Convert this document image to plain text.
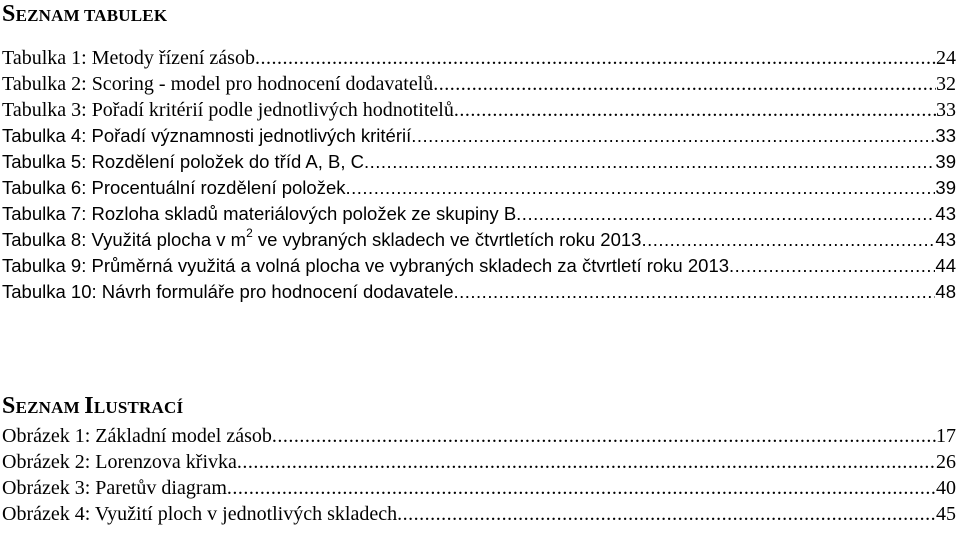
SEZNAM TABULEK
Tabulka 1: Metody řízení zásob .....	24
Tabulka 2: Scoring - model pro hodnocení dodavatelů .....	32
Tabulka 3: Pořadí kritérií podle jednotlivých hodnotitelů .....	33
Tabulka 4: Pořadí významnosti jednotlivých kritérií .....	33
Tabulka 5: Rozdělení položek do tříd A, B, C .....	39
Tabulka 6: Procentuální rozdělení položek .....	39
Tabulka 7: Rozloha skladů materiálových položek ze skupiny B .....	43
Tabulka 8: Využitá plocha v $m^2$ ve vybraných skladech ve čtvrtletích roku 2013 .....	43
Tabulka 9: Průměrná využitá a volná plocha ve vybraných skladech za čtvrtletí roku 2013 .....	44
Tabulka 10: Návrh formuláře pro hodnocení dodavatele .....	48
SEZNAM ILUSTRACÍ
Obrázek 1: Základní model zásob .....	17
Obrázek 2: Lorenzova křivka .....	26
Obrázek 3: Paretův diagram .....	40
Obrázek 4: Využití ploch v jednotlivých skladech .....	45
